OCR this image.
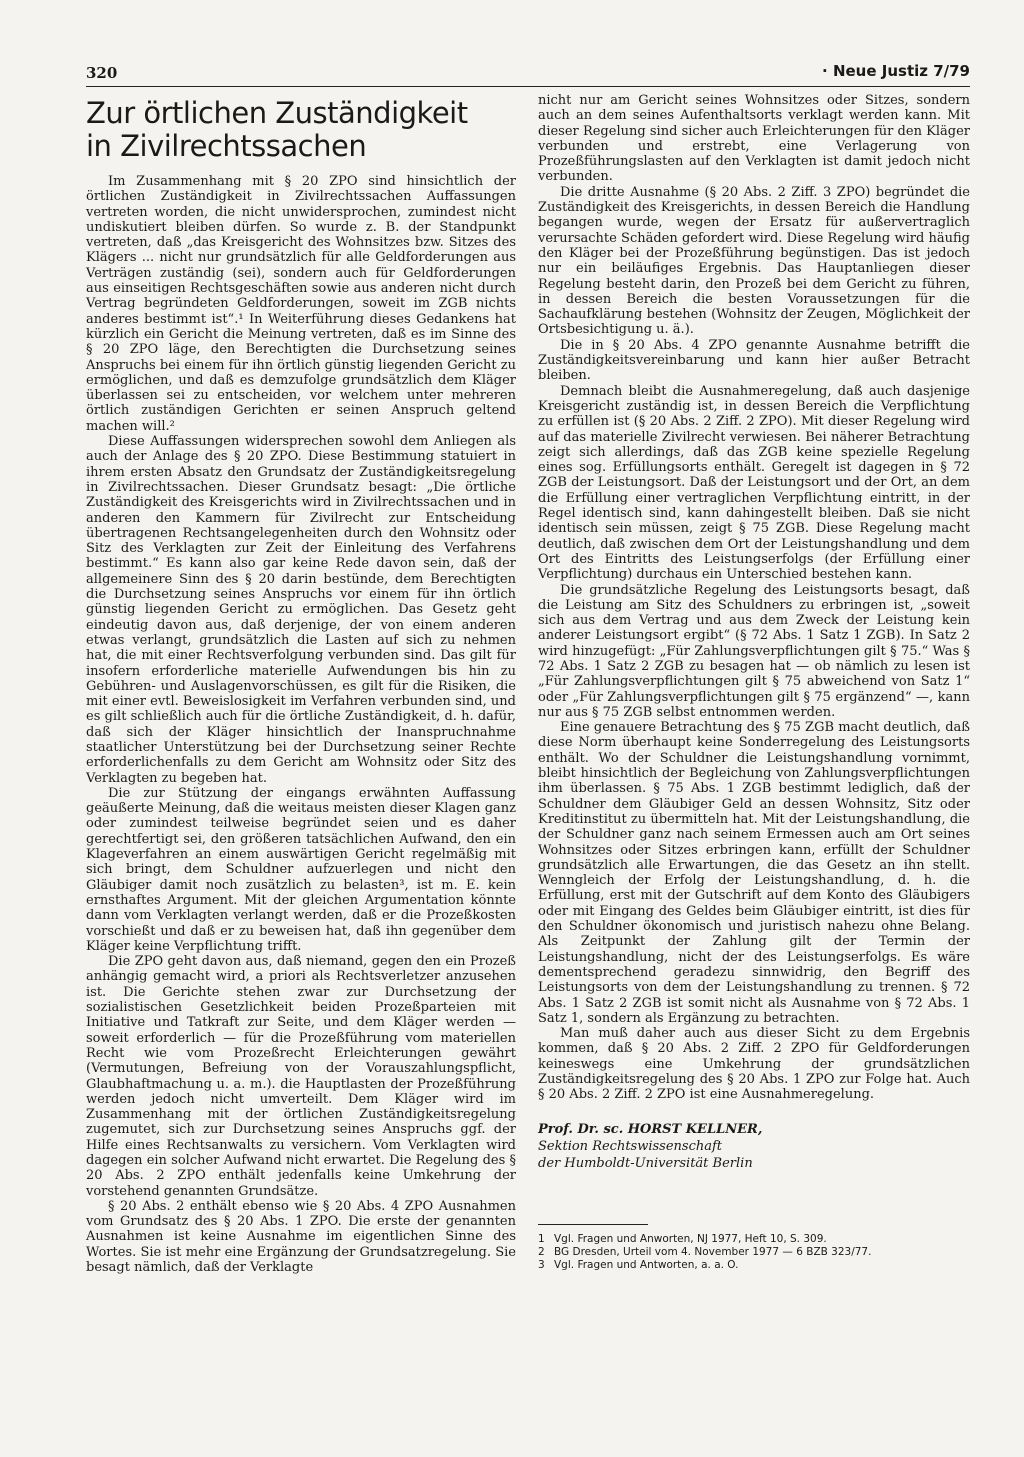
320	· Neue Justiz 7/79
Zur örtlichen Zuständigkeit
in Zivilrechtssachen

Im Zusammenhang mit § 20 ZPO sind hinsichtlich der örtlichen Zuständigkeit in Zivilrechtssachen Auffassungen vertreten worden, die nicht unwidersprochen, zumindest nicht undiskutiert bleiben dürfen. So wurde z. B. der Standpunkt vertreten, daß „das Kreisgericht des Wohnsitzes bzw. Sitzes des Klägers ... nicht nur grundsätzlich für alle Geldforderungen aus Verträgen zuständig (sei), sondern auch für Geldforderungen aus einseitigen Rechtsgeschäften sowie aus anderen nicht durch Vertrag begründeten Geldforderungen, soweit im ZGB nichts anderes bestimmt ist“.¹ In Weiterführung dieses Gedankens hat kürzlich ein Gericht die Meinung vertreten, daß es im Sinne des § 20 ZPO läge, den Berechtigten die Durchsetzung seines Anspruchs bei einem für ihn örtlich günstig liegenden Gericht zu ermöglichen, und daß es demzufolge grundsätzlich dem Kläger überlassen sei zu entscheiden, vor welchem unter mehreren örtlich zuständigen Gerichten er seinen Anspruch geltend machen will.²

Diese Auffassungen widersprechen sowohl dem Anliegen als auch der Anlage des § 20 ZPO. Diese Bestimmung statuiert in ihrem ersten Absatz den Grundsatz der Zuständigkeitsregelung in Zivilrechtssachen. Dieser Grundsatz besagt: „Die örtliche Zuständigkeit des Kreisgerichts wird in Zivilrechtssachen und in anderen den Kammern für Zivilrecht zur Entscheidung übertragenen Rechtsangelegenheiten durch den Wohnsitz oder Sitz des Verklagten zur Zeit der Einleitung des Verfahrens bestimmt.“ Es kann also gar keine Rede davon sein, daß der allgemeinere Sinn des § 20 darin bestünde, dem Berechtigten die Durchsetzung seines Anspruchs vor einem für ihn örtlich günstig liegenden Gericht zu ermöglichen. Das Gesetz geht eindeutig davon aus, daß derjenige, der von einem anderen etwas verlangt, grundsätzlich die Lasten auf sich zu nehmen hat, die mit einer Rechtsverfolgung verbunden sind. Das gilt für insofern erforderliche materielle Aufwendungen bis hin zu Gebühren- und Auslagenvorschüssen, es gilt für die Risiken, die mit einer evtl. Beweislosigkeit im Verfahren verbunden sind, und es gilt schließlich auch für die örtliche Zuständigkeit, d. h. dafür, daß sich der Kläger hinsichtlich der Inanspruchnahme staatlicher Unterstützung bei der Durchsetzung seiner Rechte erforderlichenfalls zu dem Gericht am Wohnsitz oder Sitz des Verklagten zu begeben hat.

Die zur Stützung der eingangs erwähnten Auffassung geäußerte Meinung, daß die weitaus meisten dieser Klagen ganz oder zumindest teilweise begründet seien und es daher gerechtfertigt sei, den größeren tatsächlichen Aufwand, den ein Klageverfahren an einem auswärtigen Gericht regelmäßig mit sich bringt, dem Schuldner aufzuerlegen und nicht den Gläubiger damit noch zusätzlich zu belasten³, ist m. E. kein ernsthaftes Argument. Mit der gleichen Argumentation könnte dann vom Verklagten verlangt werden, daß er die Prozeßkosten vorschießt und daß er zu beweisen hat, daß ihn gegenüber dem Kläger keine Verpflichtung trifft.

Die ZPO geht davon aus, daß niemand, gegen den ein Prozeß anhängig gemacht wird, a priori als Rechtsverletzer anzusehen ist. Die Gerichte stehen zwar zur Durchsetzung der sozialistischen Gesetzlichkeit beiden Prozeßparteien mit Initiative und Tatkraft zur Seite, und dem Kläger werden — soweit erforderlich — für die Prozeßführung vom materiellen Recht wie vom Prozeßrecht Erleichterungen gewährt (Vermutungen, Befreiung von der Vorauszahlungspflicht, Glaubhaftmachung u. a. m.). die Hauptlasten der Prozeßführung werden jedoch nicht umverteilt. Dem Kläger wird im Zusammenhang mit der örtlichen Zuständigkeitsregelung zugemutet, sich zur Durchsetzung seines Anspruchs ggf. der Hilfe eines Rechtsanwalts zu versichern. Vom Verklagten wird dagegen ein solcher Aufwand nicht erwartet. Die Regelung des § 20 Abs. 2 ZPO enthält jedenfalls keine Umkehrung der vorstehend genannten Grundsätze.

§ 20 Abs. 2 enthält ebenso wie § 20 Abs. 4 ZPO Ausnahmen vom Grundsatz des § 20 Abs. 1 ZPO. Die erste der genannten Ausnahmen ist keine Ausnahme im eigentlichen Sinne des Wortes. Sie ist mehr eine Ergänzung der Grundsatzregelung. Sie besagt nämlich, daß der Verklagte

nicht nur am Gericht seines Wohnsitzes oder Sitzes, sondern auch an dem seines Aufenthaltsorts verklagt werden kann. Mit dieser Regelung sind sicher auch Erleichterungen für den Kläger verbunden und erstrebt, eine Verlagerung von Prozeßführungslasten auf den Verklagten ist damit jedoch nicht verbunden.

Die dritte Ausnahme (§ 20 Abs. 2 Ziff. 3 ZPO) begründet die Zuständigkeit des Kreisgerichts, in dessen Bereich die Handlung begangen wurde, wegen der Ersatz für außervertraglich verursachte Schäden gefordert wird. Diese Regelung wird häufig den Kläger bei der Prozeßführung begünstigen. Das ist jedoch nur ein beiläufiges Ergebnis. Das Hauptanliegen dieser Regelung besteht darin, den Prozeß bei dem Gericht zu führen, in dessen Bereich die besten Voraussetzungen für die Sachaufklärung bestehen (Wohnsitz der Zeugen, Möglichkeit der Ortsbesichtigung u. ä.).

Die in § 20 Abs. 4 ZPO genannte Ausnahme betrifft die Zuständigkeitsvereinbarung und kann hier außer Betracht bleiben.

Demnach bleibt die Ausnahmeregelung, daß auch dasjenige Kreisgericht zuständig ist, in dessen Bereich die Verpflichtung zu erfüllen ist (§ 20 Abs. 2 Ziff. 2 ZPO). Mit dieser Regelung wird auf das materielle Zivilrecht verwiesen. Bei näherer Betrachtung zeigt sich allerdings, daß das ZGB keine spezielle Regelung eines sog. Erfüllungsorts enthält. Geregelt ist dagegen in § 72 ZGB der Leistungsort. Daß der Leistungsort und der Ort, an dem die Erfüllung einer vertraglichen Verpflichtung eintritt, in der Regel identisch sind, kann dahingestellt bleiben. Daß sie nicht identisch sein müssen, zeigt § 75 ZGB. Diese Regelung macht deutlich, daß zwischen dem Ort der Leistungshandlung und dem Ort des Eintritts des Leistungserfolgs (der Erfüllung einer Verpflichtung) durchaus ein Unterschied bestehen kann.

Die grundsätzliche Regelung des Leistungsorts besagt, daß die Leistung am Sitz des Schuldners zu erbringen ist, „soweit sich aus dem Vertrag und aus dem Zweck der Leistung kein anderer Leistungsort ergibt“ (§ 72 Abs. 1 Satz 1 ZGB). In Satz 2 wird hinzugefügt: „Für Zahlungsverpflichtungen gilt § 75.“ Was § 72 Abs. 1 Satz 2 ZGB zu besagen hat — ob nämlich zu lesen ist „Für Zahlungsverpflichtungen gilt § 75 abweichend von Satz 1“ oder „Für Zahlungsverpflichtungen gilt § 75 ergänzend“ —, kann nur aus § 75 ZGB selbst entnommen werden.

Eine genauere Betrachtung des § 75 ZGB macht deutlich, daß diese Norm überhaupt keine Sonderregelung des Leistungsorts enthält. Wo der Schuldner die Leistungshandlung vornimmt, bleibt hinsichtlich der Begleichung von Zahlungsverpflichtungen ihm überlassen. § 75 Abs. 1 ZGB bestimmt lediglich, daß der Schuldner dem Gläubiger Geld an dessen Wohnsitz, Sitz oder Kreditinstitut zu übermitteln hat. Mit der Leistungshandlung, die der Schuldner ganz nach seinem Ermessen auch am Ort seines Wohnsitzes oder Sitzes erbringen kann, erfüllt der Schuldner grundsätzlich alle Erwartungen, die das Gesetz an ihn stellt. Wenngleich der Erfolg der Leistungshandlung, d. h. die Erfüllung, erst mit der Gutschrift auf dem Konto des Gläubigers oder mit Eingang des Geldes beim Gläubiger eintritt, ist dies für den Schuldner ökonomisch und juristisch nahezu ohne Belang. Als Zeitpunkt der Zahlung gilt der Termin der Leistungshandlung, nicht der des Leistungserfolgs. Es wäre dementsprechend geradezu sinnwidrig, den Begriff des Leistungsorts von dem der Leistungshandlung zu trennen. § 72 Abs. 1 Satz 2 ZGB ist somit nicht als Ausnahme von § 72 Abs. 1 Satz 1, sondern als Ergänzung zu betrachten.

Man muß daher auch aus dieser Sicht zu dem Ergebnis kommen, daß § 20 Abs. 2 Ziff. 2 ZPO für Geldforderungen keineswegs eine Umkehrung der grundsätzlichen Zuständigkeitsregelung des § 20 Abs. 1 ZPO zur Folge hat. Auch § 20 Abs. 2 Ziff. 2 ZPO ist eine Ausnahmeregelung.

Prof. Dr. sc. HORST KELLNER,
Sektion Rechtswissenschaft
der Humboldt-Universität Berlin
1 Vgl. Fragen und Anworten, NJ 1977, Heft 10, S. 309.
2 BG Dresden, Urteil vom 4. November 1977 — 6 BZB 323/77.
3 Vgl. Fragen und Antworten, a. a. O.
